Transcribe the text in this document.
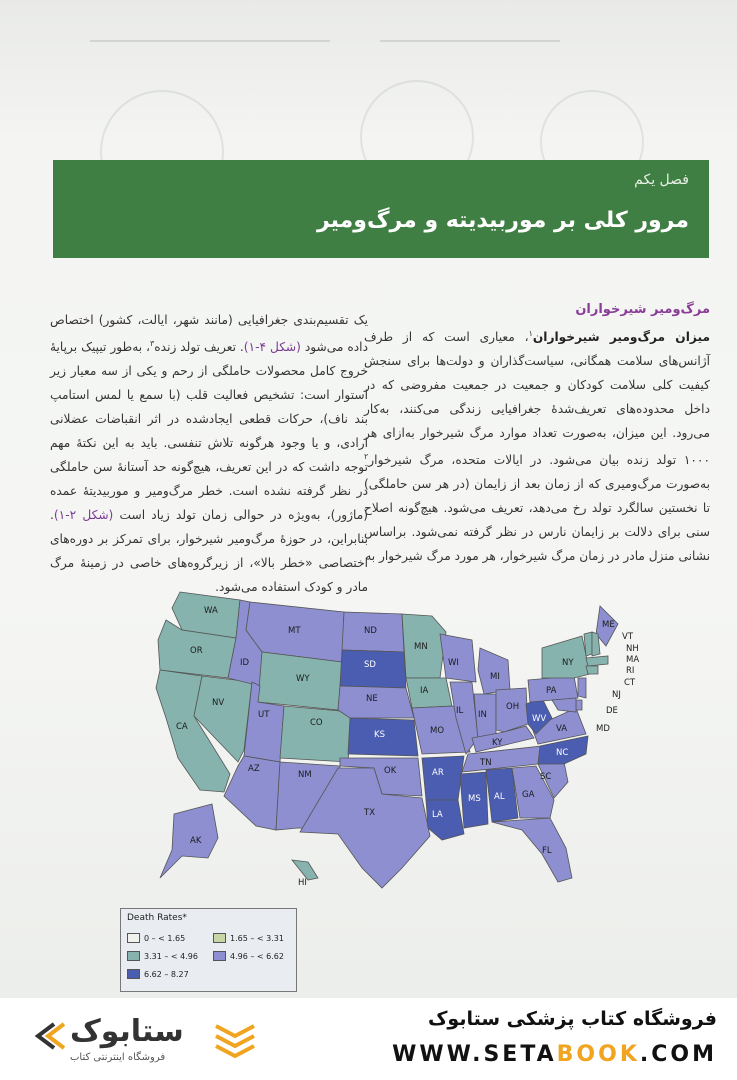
فصل یکم
مرور کلی بر موربیدیته و مرگ‌ومیر
مرگ‌ومیر شیرخواران
میزان مرگ‌ومیر شیرخواران$^۱$، معیاری است که از طرف آژانس‌های سلامت همگانی، سیاست‌گذاران و دولت‌ها برای سنجش کیفیت کلی سلامت کودکان و جمعیت در جمعیت مفروضی که در داخل محدوده‌های تعریف‌شدهٔ جغرافیایی زندگی می‌کنند، به‌کار می‌رود. این میزان، به‌صورت تعداد موارد مرگ شیرخوار به‌ازای هر ۱۰۰۰ تولد زنده بیان می‌شود. در ایالات متحده، مرگ شیرخوار$^۲$ به‌صورت مرگ‌ومیری که از زمان بعد از زایمان (در هر سن حاملگی) تا نخستین سالگرد تولد رخ می‌دهد، تعریف می‌شود. هیچ‌گونه اصلاح سنی برای دلالت بر زایمان نارس در نظر گرفته نمی‌شود. براساس نشانی منزل مادر در زمان مرگ شیرخوار، هر مورد مرگ شیرخوار به
یک تقسیم‌بندی جغرافیایی (مانند شهر، ایالت، کشور) اختصاص داده می‌شود (شکل ۴-۱). تعریف تولد زنده$^۳$، به‌طور تیپیک برپایهٔ خروج کامل محصولات حاملگی از رحم و یکی از سه معیار زیر استوار است: تشخیص فعالیت قلب (با سمع یا لمس استامپ بند ناف)، حرکات قطعی ایجادشده در اثر انقباضات عضلانی ارادی، و یا وجود هرگونه تلاش تنفسی. باید به این نکتهٔ مهم توجه داشت که در این تعریف، هیچ‌گونه حد آستانهٔ سن حاملگی در نظر گرفته نشده است. خطر مرگ‌ومیر و موربیدیتهٔ عمده (ماژور)، به‌ویژه در حوالی زمان تولد زیاد است (شکل ۲-۱). بنابراین، در حوزهٔ مرگ‌ومیر شیرخوار، برای تمرکز بر دوره‌های اختصاصی «خطر بالا»، از زیرگروه‌های خاصی در زمینهٔ مرگ مادر و کودک استفاده می‌شود.
WA
OR
CA
NV
ID
MT
WY
UT
AZ
CO
NM
ND
SD
NE
KS
OK
TX
MN
IA
MO
AR
LA
WI
IL
MI
IN
OH
KY
TN
MS AL GA
FL
SC
NC
VA
WV
PA
NY
ME
VT
NH
MA
RI
CT
NJ
DE
MD
AK
HI
Death Rates*
0 – < 1.65	1.65 – < 3.31
3.31 – < 4.96	4.96 – < 6.62
6.62 – 8.27
ستابوک
فروشگاه اینترنتی کتاب
فروشگاه کتاب پزشکی ستابوک
WWW.SETABOOK.COM
